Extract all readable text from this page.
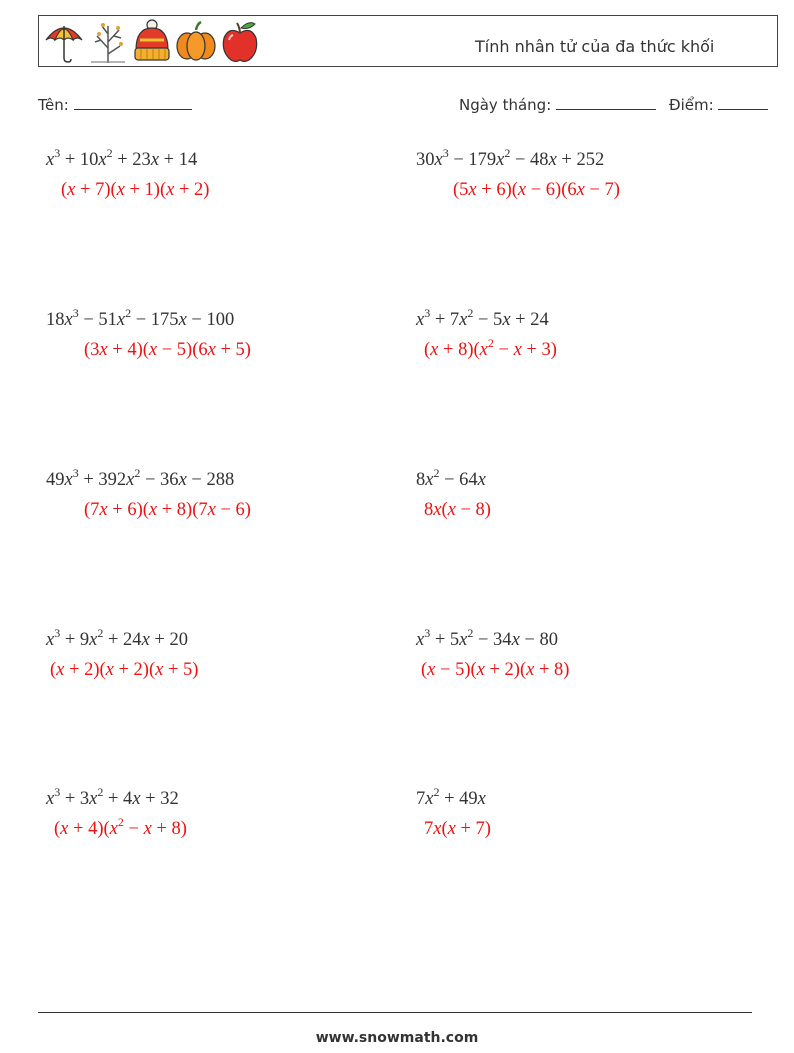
Tính nhân tử của đa thức khối
Tên:	Ngày tháng:	Điểm:
$x^3 + 10x^2 + 23x + 14$
(x + 7)(x + 1)(x + 2)
$30x^3 - 179x^2 - 48x + 252$
(5x + 6)(x − 6)(6x − 7)
$18x^3 - 51x^2 - 175x - 100$
(3x + 4)(x − 5)(6x + 5)
$x^3 + 7x^2 - 5x + 24$
$(x + 8)(x^2 - x + 3)$
$49x^3 + 392x^2 - 36x - 288$
(7x + 6)(x + 8)(7x − 6)
$8x^2 - 64x$
8x(x − 8)
$x^3 + 9x^2 + 24x + 20$
(x + 2)(x + 2)(x + 5)
$x^3 + 5x^2 - 34x - 80$
(x − 5)(x + 2)(x + 8)
$x^3 + 3x^2 + 4x + 32$
$(x + 4)(x^2 - x + 8)$
$7x^2 + 49x$
7x(x + 7)
www.snowmath.com
